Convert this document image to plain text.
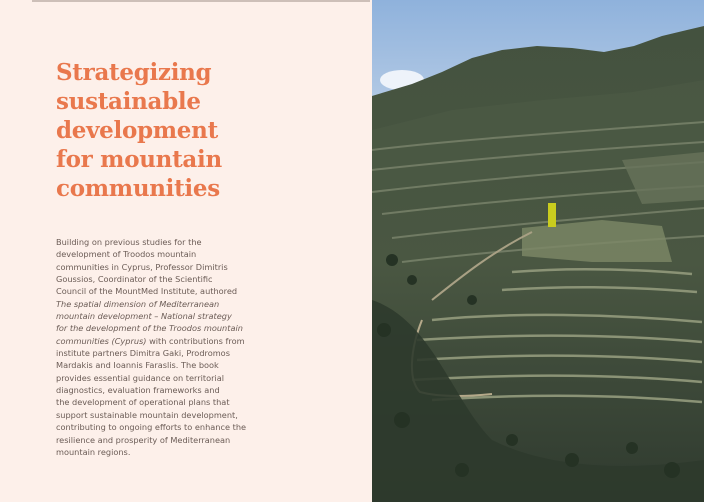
Strategizing
sustainable
development
for mountain
communities
Building on previous studies for the
development of Troodos mountain
communities in Cyprus, Professor Dimitris
Goussios, Coordinator of the Scientific
Council of the MountMed Institute, authored
The spatial dimension of Mediterranean
mountain development – National strategy
for the development of the Troodos mountain
communities (Cyprus) with contributions from
institute partners Dimitra Gaki, Prodromos
Mardakis and Ioannis Faraslis. The book
provides essential guidance on territorial
diagnostics, evaluation frameworks and
the development of operational plans that
support sustainable mountain development,
contributing to ongoing efforts to enhance the
resilience and prosperity of Mediterranean
mountain regions.
